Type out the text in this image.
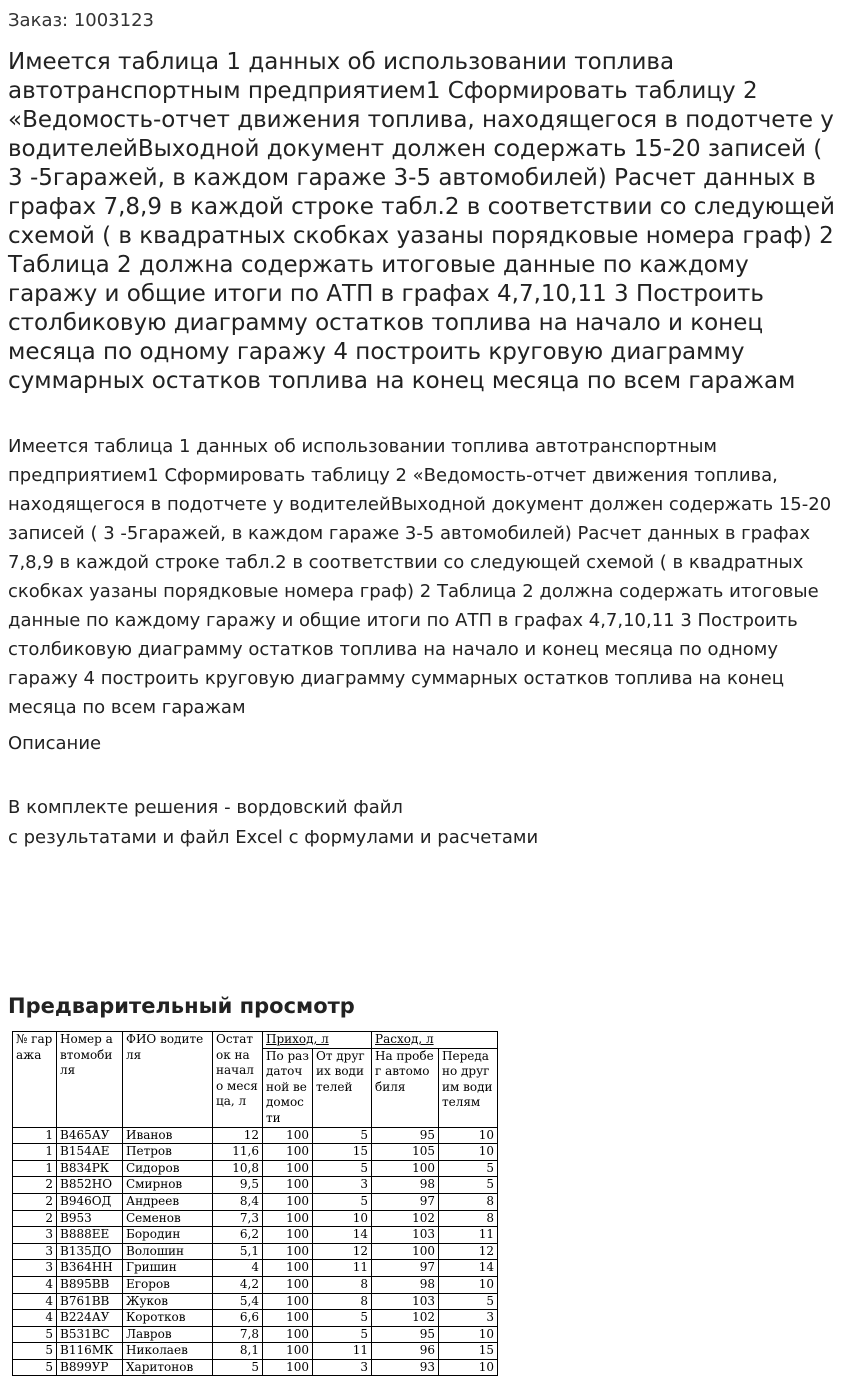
Заказ: 1003123

Имеется таблица 1 данных об использовании топлива автотранспортным предприятием1 Сформировать таблицу 2 «Ведомость-отчет движения топлива, находящегося в подотчете у водителейВыходной документ должен содержать 15-20 записей ( 3 -5гаражей, в каждом гараже 3-5 автомобилей) Расчет данных в графах 7,8,9 в каждой строке табл.2 в соответствии со следующей схемой ( в квадратных скобках уазаны порядковые номера граф) 2 Таблица 2 должна содержать итоговые данные по каждому гаражу и общие итоги по АТП в графах 4,7,10,11 3 Построить столбиковую диаграмму остатков топлива на начало и конец месяца по одному гаражу 4 построить круговую диаграмму суммарных остатков топлива на конец месяца по всем гаражам

Имеется таблица 1 данных об использовании топлива автотранспортным предприятием1 Сформировать таблицу 2 «Ведомость-отчет движения топлива, находящегося в подотчете у водителейВыходной документ должен содержать 15-20 записей ( 3 -5гаражей, в каждом гараже 3-5 автомобилей) Расчет данных в графах 7,8,9 в каждой строке табл.2 в соответствии со следующей схемой ( в квадратных скобках уазаны порядковые номера граф) 2 Таблица 2 должна содержать итоговые данные по каждому гаражу и общие итоги по АТП в графах 4,7,10,11 3 Построить столбиковую диаграмму остатков топлива на начало и конец месяца по одному гаражу 4 построить круговую диаграмму суммарных остатков топлива на конец месяца по всем гаражам

Описание

В комплекте решения - вордовский файл
с результатами и файл Excel с формулами и расчетами

Предварительный просмотр
№ гаража	Номер автомобиля	ФИО водителя	Остаток на начало месяца, л	Приход, л		Расход, л	
				По раздаточной ведомости	От других водителей	На пробег автомобиля	Передано другим водителям
1	В465АУ	Иванов	12	100	5	95	10
1	В154АЕ	Петров	11,6	100	15	105	10
1	В834РК	Сидоров	10,8	100	5	100	5
2	В852НО	Смирнов	9,5	100	3	98	5
2	В946ОД	Андреев	8,4	100	5	97	8
2	В953	Семенов	7,3	100	10	102	8
3	В888ЕЕ	Бородин	6,2	100	14	103	11
3	В135ДО	Волошин	5,1	100	12	100	12
3	В364НН	Гришин	4	100	11	97	14
4	В895ВВ	Егоров	4,2	100	8	98	10
4	В761ВВ	Жуков	5,4	100	8	103	5
4	В224АУ	Коротков	6,6	100	5	102	3
5	В531ВС	Лавров	7,8	100	5	95	10
5	В116МК	Николаев	8,1	100	11	96	15
5	В899УР	Харитонов	5	100	3	93	10
